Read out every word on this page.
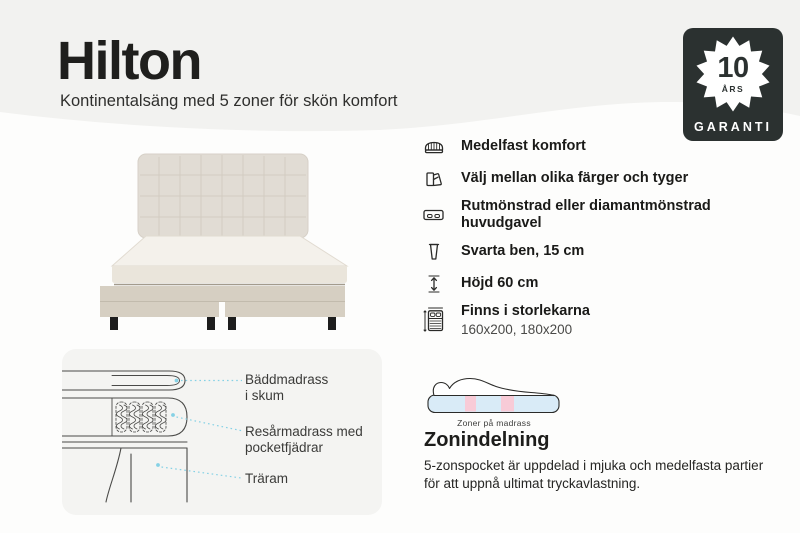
Hilton
Kontinentalsäng med 5 zoner för skön komfort
10
ÅRS
GARANTI
Medelfast komfort
Välj mellan olika färger och tyger
Rutmönstrad eller diamantmönstrad huvudgavel
Svarta ben, 15 cm
Höjd 60 cm
Finns i storlekarna
160x200, 180x200
Bäddmadrass
i skum
Resårmadrass med
pocketfjädrar
Träram
Zoner på madrass
Zonindelning
5-zonspocket är uppdelad i mjuka och medelfasta partier för att uppnå ultimat tryckavlastning.
